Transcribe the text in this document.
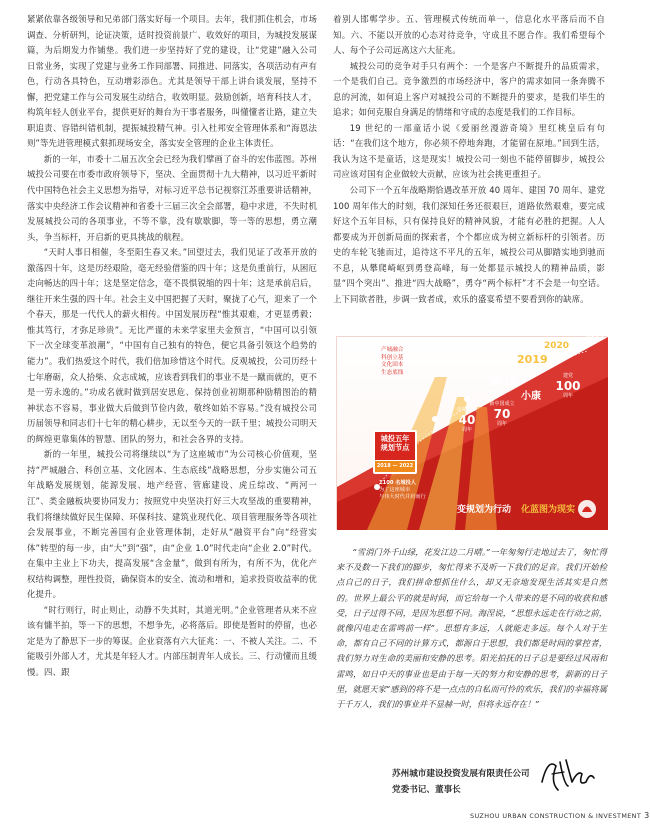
紧紧依靠各级领导和兄弟部门落实好每一个项目。去年，我们抓住机会，市场调查、分析研判，论证决策，适时投资前景广、收效好的项目，为城投发展谋篇，为后期发力作铺垫。我们进一步坚持好了党的建设，让“党建”融入公司日常业务，实现了党建与业务工作同部署、同推进、同落实，各项活动有声有色，行动各具特色，互动增彩添色。尤其是领导干部上讲台谈发展，坚持不懈，把党建工作与公司发展生动结合，收效明显。鼓励创新，培育科技人才，构筑年轻人创业平台，提供更好的舞台为干事者服务，叫懂懂者让路，建立失职追责、容错纠错机制，提振城投精气神。引入杜邦安全管理体系和“海恩法则”等先进管理模式狠抓现场安全，落实安全管理的企业主体责任。

新的一年，市委十二届五次全会已经为我们擘画了奋斗的宏伟蓝图。苏州城投公司要在市委市政府领导下，坚决、全面贯彻十九大精神，以习近平新时代中国特色社会主义思想为指导，对标习近平总书记视察江苏重要讲话精神，落实中央经济工作会议精神和省委十三届三次全会部署，稳中求进，不失时机发展城投公司的各项事业，不等不靠，没有歇歇脚，等一等的思想，勇立潮头，争当标杆，开启新的更具挑战的航程。

“天时人事日相催，冬至阳生春又来。”回望过去，我们见证了改革开放的激荡四十年，这是历经艰险，毫无经验借鉴的四十年；这是负重前行，从困厄走向畅达的四十年；这是坚定信念，毫不畏惧锐缩的四十年；这是承前启后，继往开来生强的四十年。社会主义中国把握了天时，聚拢了心气，迎来了一个个春天，那是一代代人的薪火相传。中国发展历程“惟其艰难，才更显勇毅；惟其笃行，才弥足珍贵”。无比严谨的未来学家里夫金预言，“中国可以引领下一次全球变革浪潮”，“中国有自己独有的特色，便它具备引领这个趋势的能力”。我们热爱这个时代，我们倍加珍惜这个时代。反观城投，公司历经十七年磨砺，众人拾柴、众志成城，应该看到我们的事业不是一蹴而就的，更不是一劳永逸的。”功成名就时做到居安思危、保持创业初期那种励精图治的精神状态不容易，事业做大后做到节俭内敛，敬终如始不容易。”没有城投公司历届领导和同志们十七年的精心耕步，无以至今天的一跃千里；城投公司明天的辉煌更靠集体的智慧、团队的努力，和社会各界的支持。

新的一年里，城投公司将继续以“为了这座城市”为公司核心价值观，坚持“严城融合、科创立基、文化固本、生态底线”战略思想，分步实施公司五年战略发展规划，能源发展、地产经营、管廊建设、虎丘综改、“两河一江”、类金融板块要协同发力；按照党中央坚决打好三大攻坚战的重要精神，我们将继续做好民生保障、环保科技、建筑业现代化、项目管理服务等各项社会发展事业，不断完善国有企业管理体制，走好从“融资平台”向“经营实体”转型的每一步，由“大”到“强”，由“企业 1.0”时代走向“企业 2.0”时代。在集中主业上下功夫，提高发展“含金量”，做到有所为，有所不为，优化产权结构调整，理性投资，确保资本的安全、流动和增和，追求投资收益率的优化提升。

“时行则行，时止则止，动静不失其时，其道光明。”企业管理者从来不应该有慵半拍，等一下的思想，不想争先，必将落后。即使是暂时的停留，也必定是为了静思下一步的筹谋。企业衰落有六大征兆：一、不被人关注。二、不能吸引外部人才，尤其是年轻人才。内部压制青年人成长。三、行动懂而且缓慢。四、跟

着别人邯郸学步。五、管理模式传统而单一，信息化水平落后而不自知。六、不能以开放的心态对待竞争，守成且不愿合作。我们希望每个人、每个子公司远离这六大征兆。

城投公司的竞争对手只有两个：一个是客户不断提升的品质需求，一个是我们自己。竞争激烈的市场经济中，客户的需求如同一条奔腾不息的河流，如何追上客户对城投公司的不断提升的要求，是我们毕生的追求；如何克服自身满足的情绪和守成的态度是我们的工作目标。

19 世纪的一部童话小说《爱丽丝漫游奇境》里红桃皇后有句话：“在我们这个地方，你必须不停地奔跑，才能留在原地。”回到生活，我认为这不是童话，这是现实！城投公司一刻也不能停留脚步，城投公司应该对国有企业做较大贡献，应该为社会挑更重担子。

公司下一个五年战略期恰遇改革开放 40 周年、建国 70 周年、建党 100 周年伟大的时刻，我们深知任务还很艰巨，道路依然艰难，要完成好这个五年目标，只有保持良好的精神风貌，才能有必胜的把握。人人都要成为开创新局面的探索者，个个都应成为树立新标杆的引领者。历史的车轮飞驰而过，追待这不平凡的五年，城投公司从脚踏实地到驰而不息，从攀爬崎岖到勇登高峰，每一处都显示城投人的精神品质，影显“四个突出”、推进“四大战略”，勇夺“两个标杆”才不会是一句空话。上下同欲者胜，步调一致者成，欢乐的盛宴希望不要看到你的缺席。

产城融合
科创立基
文化固本
生态底线
2018
2019
2020
2021
2022
改革开放
40
周年
新中国成立
70
周年
建党
100
周年
小康
城投五年
规划节点
2018 — 2022
1100 名城投人
为了这座城市
与伟大时代并肩而行
变规划为行动 化蓝图为现实

“雪消门外千山绿，花发江边二月晴。”一年匆匆行走地过去了，匆忙得来不及数一下我们的脚步，匆忙得来不及听一下我们的足音。我们开始检点自己的日子，我们拼命想抓住什么，却又无奈地发现生活其实是自然的。世界上最公平的就是时间，而它给每一个人带来的是不同的收获和感受，日子过得不同，是因为思想不同。海涅说，“思想永远走在行动之前，就像闪电走在雷鸣前一样”。思想有多远，人就能走多远。每个人对于生命，都有自己不同的计算方式，都源自于思想，我们都是时间的掌控者，我们努力对生命的美丽和安静的思考。阳光拍抚的日子总是要经过风雨和雷鸣，如日中天的事业也是由于每一天的努力和安静的思考，薪新的日子里，就愿天家“感到的将不是一点点的自私而可怜的欢乐，我们的幸福将属于千万人，我们的事业并不显赫一时，但将永远存在！”

苏州城市建设投资发展有限责任公司
党委书记、董事长
SUZHOU URBAN CONSTRUCTION & INVESTMENT 3
